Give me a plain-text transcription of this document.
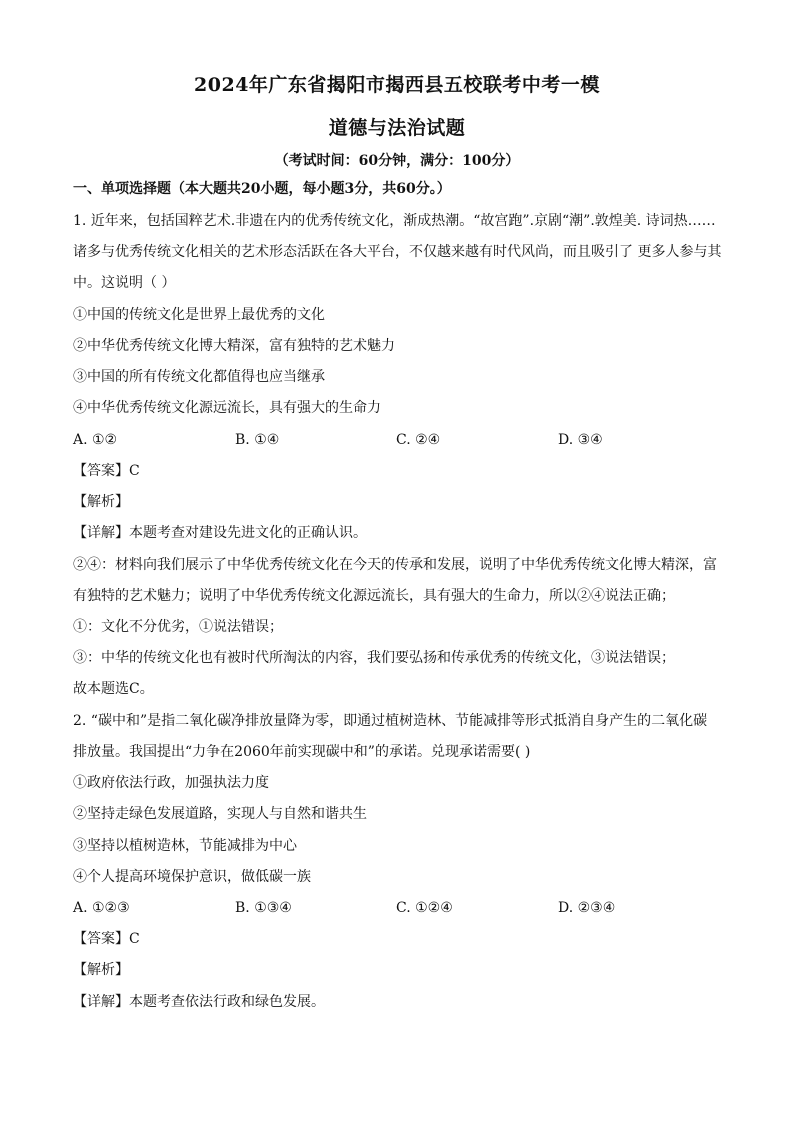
2024年广东省揭阳市揭西县五校联考中考一模
道德与法治试题
（考试时间：60分钟，满分：100分）
一、单项选择题（本大题共20小题，每小题3分，共60分。）
1. 近年来，包括国粹艺术.非遗在内的优秀传统文化，渐成热潮。“故宫跑”.京剧“潮”.敦煌美. 诗词热……
诸多与优秀传统文化相关的艺术形态活跃在各大平台，不仅越来越有时代风尚，而且吸引了 更多人参与其
中。这说明（ ）
①中国的传统文化是世界上最优秀的文化
②中华优秀传统文化博大精深，富有独特的艺术魅力
③中国的所有传统文化都值得也应当继承
④中华优秀传统文化源远流长，具有强大的生命力
A. ①②	B. ①④	C. ②④	D. ③④
【答案】C
【解析】
【详解】本题考查对建设先进文化的正确认识。
②④：材料向我们展示了中华优秀传统文化在今天的传承和发展，说明了中华优秀传统文化博大精深，富
有独特的艺术魅力；说明了中华优秀传统文化源远流长，具有强大的生命力，所以②④说法正确；
①：文化不分优劣，①说法错误；
③：中华的传统文化也有被时代所淘汰的内容，我们要弘扬和传承优秀的传统文化，③说法错误；
故本题选C。
2. “碳中和”是指二氧化碳净排放量降为零，即通过植树造林、节能减排等形式抵消自身产生的二氧化碳
排放量。我国提出“力争在2060年前实现碳中和”的承诺。兑现承诺需要( )
①政府依法行政，加强执法力度
②坚持走绿色发展道路，实现人与自然和谐共生
③坚持以植树造林，节能减排为中心
④个人提高环境保护意识，做低碳一族
A. ①②③	B. ①③④	C. ①②④	D. ②③④
【答案】C
【解析】
【详解】本题考查依法行政和绿色发展。
